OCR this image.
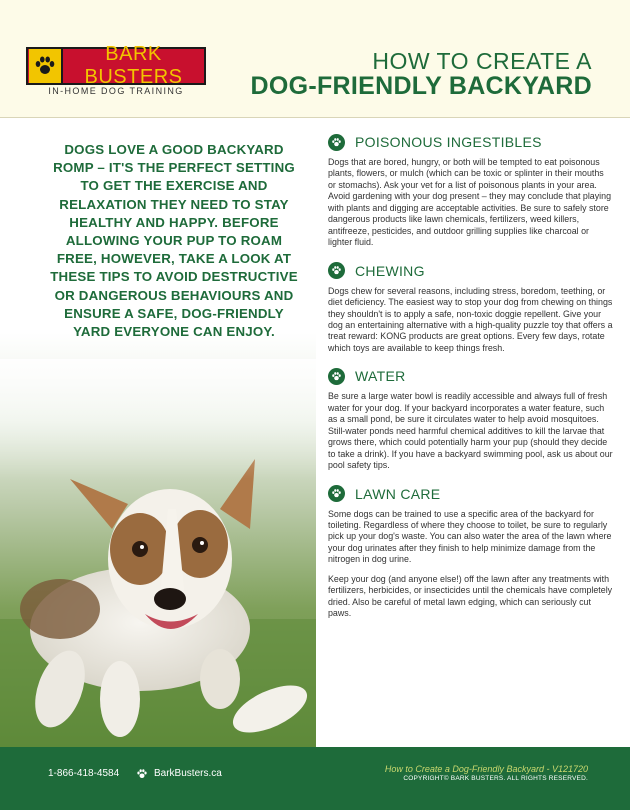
BARK BUSTERS
IN-HOME DOG TRAINING
HOW TO CREATE A
DOG-FRIENDLY BACKYARD
DOGS LOVE A GOOD BACKYARD ROMP – IT'S THE PERFECT SETTING TO GET THE EXERCISE AND RELAXATION THEY NEED TO STAY HEALTHY AND HAPPY. BEFORE ALLOWING YOUR PUP TO ROAM FREE, HOWEVER, TAKE A LOOK AT THESE TIPS TO AVOID DESTRUCTIVE OR DANGEROUS BEHAVIOURS AND ENSURE A SAFE, DOG-FRIENDLY YARD EVERYONE CAN ENJOY.
POISONOUS INGESTIBLES
Dogs that are bored, hungry, or both will be tempted to eat poisonous plants, flowers, or mulch (which can be toxic or splinter in their mouths or stomachs). Ask your vet for a list of poisonous plants in your area. Avoid gardening with your dog present – they may conclude that playing with plants and digging are acceptable activities. Be sure to safely store dangerous products like lawn chemicals, fertilizers, weed killers, antifreeze, pesticides, and outdoor grilling supplies like charcoal or lighter fluid.
CHEWING
Dogs chew for several reasons, including stress, boredom, teething, or diet deficiency. The easiest way to stop your dog from chewing on things they shouldn't is to apply a safe, non-toxic doggie repellent. Give your dog an entertaining alternative with a high-quality puzzle toy that offers a treat reward: KONG products are great options. Every few days, rotate which toys are available to keep things fresh.
WATER
Be sure a large water bowl is readily accessible and always full of fresh water for your dog. If your backyard incorporates a water feature, such as a small pond, be sure it circulates water to help avoid mosquitoes. Still-water ponds need harmful chemical additives to kill the larvae that grows there, which could potentially harm your pup (should they decide to take a drink). If you have a backyard swimming pool, ask us about our pool safety tips.
LAWN CARE

Some dogs can be trained to use a specific area of the backyard for toileting. Regardless of where they choose to toilet, be sure to regularly pick up your dog's waste. You can also water the area of the lawn where your dog urinates after they finish to help minimize damage from the nitrogen in dog urine.

Keep your dog (and anyone else!) off the lawn after any treatments with fertilizers, herbicides, or insecticides until the chemicals have completely dried. Also be careful of metal lawn edging, which can seriously cut paws.

1-866-418-4584	BarkBusters.ca	How to Create a Dog-Friendly Backyard - V121720
COPYRIGHT© BARK BUSTERS. ALL RIGHTS RESERVED.
